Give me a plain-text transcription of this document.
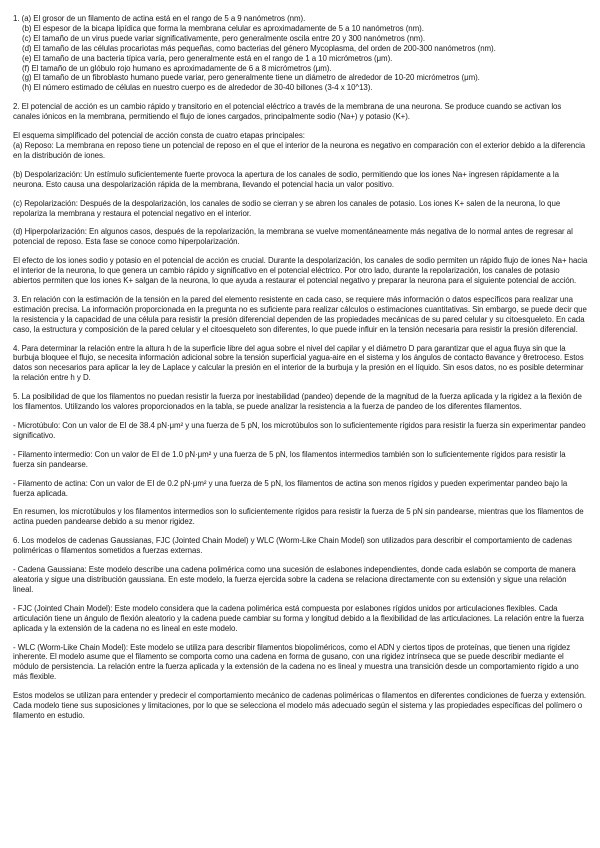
1. (a) El grosor de un filamento de actina está en el rango de 5 a 9 nanómetros (nm).

(b) El espesor de la bicapa lipídica que forma la membrana celular es aproximadamente de 5 a 10 nanómetros (nm).

(c) El tamaño de un virus puede variar significativamente, pero generalmente oscila entre 20 y 300 nanómetros (nm).

(d) El tamaño de las células procariotas más pequeñas, como bacterias del género Mycoplasma, del orden de 200-300 nanómetros (nm).

(e) El tamaño de una bacteria típica varía, pero generalmente está en el rango de 1 a 10 micrómetros (μm).

(f) El tamaño de un glóbulo rojo humano es aproximadamente de 6 a 8 micrómetros (μm).

(g) El tamaño de un fibroblasto humano puede variar, pero generalmente tiene un diámetro de alrededor de 10-20 micrómetros (μm).

(h) El número estimado de células en nuestro cuerpo es de alrededor de 30-40 billones (3-4 x 10^13).

2. El potencial de acción es un cambio rápido y transitorio en el potencial eléctrico a través de la membrana de una neurona. Se produce cuando se activan los canales iónicos en la membrana, permitiendo el flujo de iones cargados, principalmente sodio (Na+) y potasio (K+).

El esquema simplificado del potencial de acción consta de cuatro etapas principales:

(a) Reposo: La membrana en reposo tiene un potencial de reposo en el que el interior de la neurona es negativo en comparación con el exterior debido a la diferencia en la distribución de iones.

(b) Despolarización: Un estímulo suficientemente fuerte provoca la apertura de los canales de sodio, permitiendo que los iones Na+ ingresen rápidamente a la neurona. Esto causa una despolarización rápida de la membrana, llevando el potencial hacia un valor positivo.

(c) Repolarización: Después de la despolarización, los canales de sodio se cierran y se abren los canales de potasio. Los iones K+ salen de la neurona, lo que repolariza la membrana y restaura el potencial negativo en el interior.

(d) Hiperpolarización: En algunos casos, después de la repolarización, la membrana se vuelve momentáneamente más negativa de lo normal antes de regresar al potencial de reposo. Esta fase se conoce como hiperpolarización.

El efecto de los iones sodio y potasio en el potencial de acción es crucial. Durante la despolarización, los canales de sodio permiten un rápido flujo de iones Na+ hacia el interior de la neurona, lo que genera un cambio rápido y significativo en el potencial eléctrico. Por otro lado, durante la repolarización, los canales de potasio abiertos permiten que los iones K+ salgan de la neurona, lo que ayuda a restaurar el potencial negativo y preparar la neurona para el siguiente potencial de acción.

3. En relación con la estimación de la tensión en la pared del elemento resistente en cada caso, se requiere más información o datos específicos para realizar una estimación precisa. La información proporcionada en la pregunta no es suficiente para realizar cálculos o estimaciones cuantitativas. Sin embargo, se puede decir que la resistencia y la capacidad de una célula para resistir la presión diferencial dependen de las propiedades mecánicas de su pared celular y su citoesqueleto. En cada caso, la estructura y composición de la pared celular y el citoesqueleto son diferentes, lo que puede influir en la tensión necesaria para resistir la presión diferencial.

4. Para determinar la relación entre la altura h de la superficie libre del agua sobre el nivel del capilar y el diámetro D para garantizar que el agua fluya sin que la burbuja bloquee el flujo, se necesita información adicional sobre la tensión superficial yagua-aire en el sistema y los ángulos de contacto θavance y θretroceso. Estos datos son necesarios para aplicar la ley de Laplace y calcular la presión en el interior de la burbuja y la presión en el líquido. Sin esos datos, no es posible determinar la relación entre h y D.

5. La posibilidad de que los filamentos no puedan resistir la fuerza por inestabilidad (pandeo) depende de la magnitud de la fuerza aplicada y la rigidez a la flexión de los filamentos. Utilizando los valores proporcionados en la tabla, se puede analizar la resistencia a la fuerza de pandeo de los diferentes filamentos.

- Microtúbulo: Con un valor de EI de 38.4 pN·μm² y una fuerza de 5 pN, los microtúbulos son lo suficientemente rígidos para resistir la fuerza sin experimentar pandeo significativo.

- Filamento intermedio: Con un valor de EI de 1.0 pN·μm² y una fuerza de 5 pN, los filamentos intermedios también son lo suficientemente rígidos para resistir la fuerza sin pandearse.

- Filamento de actina: Con un valor de EI de 0.2 pN·μm² y una fuerza de 5 pN, los filamentos de actina son menos rígidos y pueden experimentar pandeo bajo la fuerza aplicada.

En resumen, los microtúbulos y los filamentos intermedios son lo suficientemente rígidos para resistir la fuerza de 5 pN sin pandearse, mientras que los filamentos de actina pueden pandearse debido a su menor rigidez.

6. Los modelos de cadenas Gaussianas, FJC (Jointed Chain Model) y WLC (Worm-Like Chain Model) son utilizados para describir el comportamiento de cadenas poliméricas o filamentos sometidos a fuerzas externas.

- Cadena Gaussiana: Este modelo describe una cadena polimérica como una sucesión de eslabones independientes, donde cada eslabón se comporta de manera aleatoria y sigue una distribución gaussiana. En este modelo, la fuerza ejercida sobre la cadena se relaciona directamente con su extensión y sigue una relación lineal.

- FJC (Jointed Chain Model): Este modelo considera que la cadena polimérica está compuesta por eslabones rígidos unidos por articulaciones flexibles. Cada articulación tiene un ángulo de flexión aleatorio y la cadena puede cambiar su forma y longitud debido a la flexibilidad de las articulaciones. La relación entre la fuerza aplicada y la extensión de la cadena no es lineal en este modelo.

- WLC (Worm-Like Chain Model): Este modelo se utiliza para describir filamentos biopoliméricos, como el ADN y ciertos tipos de proteínas, que tienen una rigidez inherente. El modelo asume que el filamento se comporta como una cadena en forma de gusano, con una rigidez intrínseca que se puede describir mediante el módulo de persistencia. La relación entre la fuerza aplicada y la extensión de la cadena no es lineal y muestra una transición desde un comportamiento rígido a uno más flexible.

Estos modelos se utilizan para entender y predecir el comportamiento mecánico de cadenas poliméricas o filamentos en diferentes condiciones de fuerza y extensión. Cada modelo tiene sus suposiciones y limitaciones, por lo que se selecciona el modelo más adecuado según el sistema y las propiedades específicas del polímero o filamento en estudio.
